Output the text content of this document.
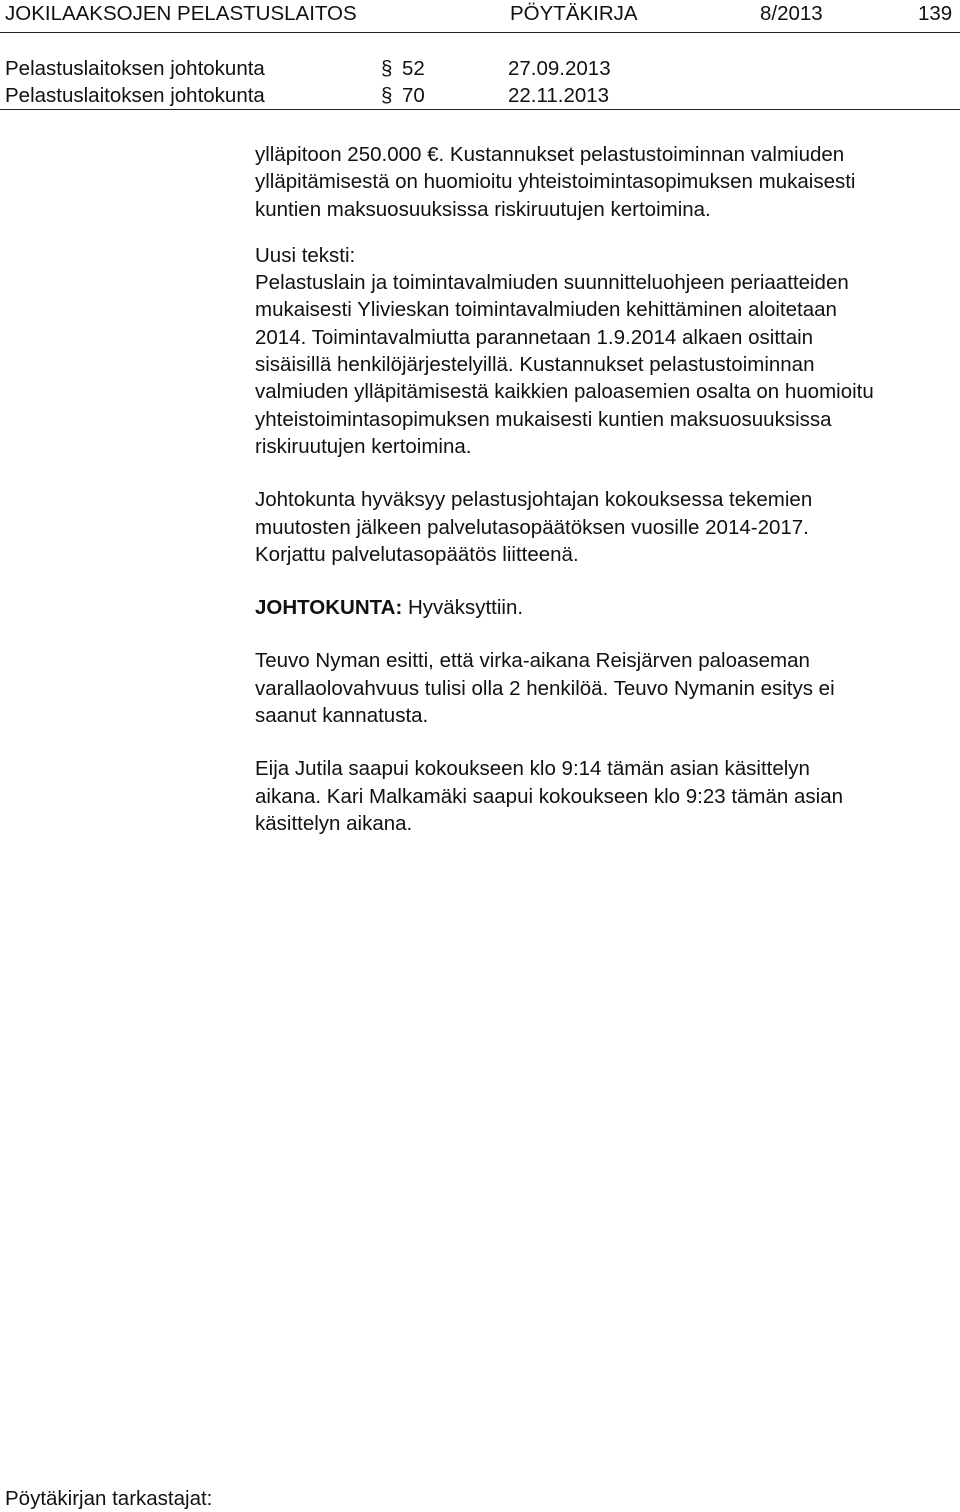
JOKILAAKSOJEN PELASTUSLAITOS	PÖYTÄKIRJA	8/2013	139
Pelastuslaitoksen johtokunta	§ 52	27.09.2013
Pelastuslaitoksen johtokunta	§ 70	22.11.2013

ylläpitoon 250.000 €. Kustannukset pelastustoiminnan valmiuden
ylläpitämisestä on huomioitu yhteistoimintasopimuksen mukaisesti
kuntien maksuosuuksissa riskiruutujen kertoimina.

Uusi teksti:
Pelastuslain ja toimintavalmiuden suunnitteluohjeen periaatteiden
mukaisesti Ylivieskan toimintavalmiuden kehittäminen aloitetaan
2014. Toimintavalmiutta parannetaan 1.9.2014 alkaen osittain
sisäisillä henkilöjärjestelyillä. Kustannukset pelastustoiminnan
valmiuden ylläpitämisestä kaikkien paloasemien osalta on huomioitu
yhteistoimintasopimuksen mukaisesti kuntien maksuosuuksissa
riskiruutujen kertoimina.

Johtokunta hyväksyy pelastusjohtajan kokouksessa tekemien
muutosten jälkeen palvelutasopäätöksen vuosille 2014-2017.
Korjattu palvelutasopäätös liitteenä.

JOHTOKUNTA: Hyväksyttiin.

Teuvo Nyman esitti, että virka-aikana Reisjärven paloaseman
varallaolovahvuus tulisi olla 2 henkilöä. Teuvo Nymanin esitys ei
saanut kannatusta.

Eija Jutila saapui kokoukseen klo 9:14 tämän asian käsittelyn
aikana. Kari Malkamäki saapui kokoukseen klo 9:23 tämän asian
käsittelyn aikana.

Pöytäkirjan tarkastajat:
